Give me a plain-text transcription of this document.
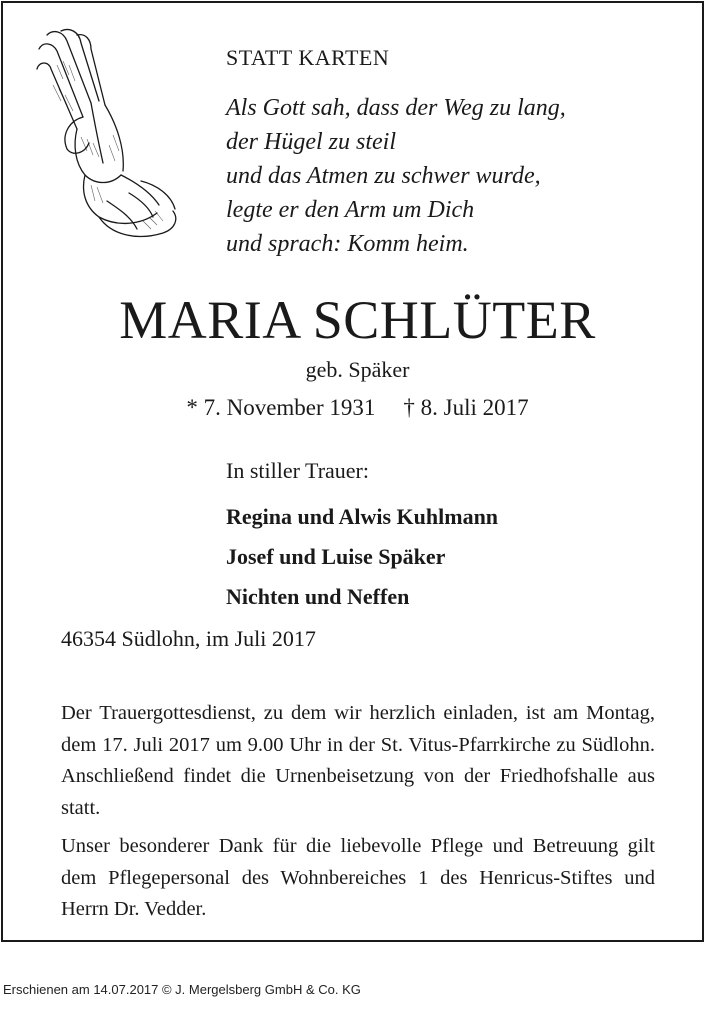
STATT KARTEN
Als Gott sah, dass der Weg zu lang,
der Hügel zu steil
und das Atmen zu schwer wurde,
legte er den Arm um Dich
und sprach: Komm heim.
MARIA SCHLÜTER
geb. Späker
* 7. November 1931 † 8. Juli 2017
In stiller Trauer:
Regina und Alwis Kuhlmann
Josef und Luise Späker
Nichten und Neffen
46354 Südlohn, im Juli 2017

Der Trauergottesdienst, zu dem wir herzlich einladen, ist am Montag, dem 17. Juli 2017 um 9.00 Uhr in der St. Vitus-Pfarrkirche zu Südlohn. Anschließend findet die Urnenbeisetzung von der Friedhofshalle aus statt.

Unser besonderer Dank für die liebevolle Pflege und Betreuung gilt dem Pflegepersonal des Wohnbereiches 1 des Henricus-Stiftes und Herrn Dr. Vedder.

Erschienen am 14.07.2017 © J. Mergelsberg GmbH & Co. KG
